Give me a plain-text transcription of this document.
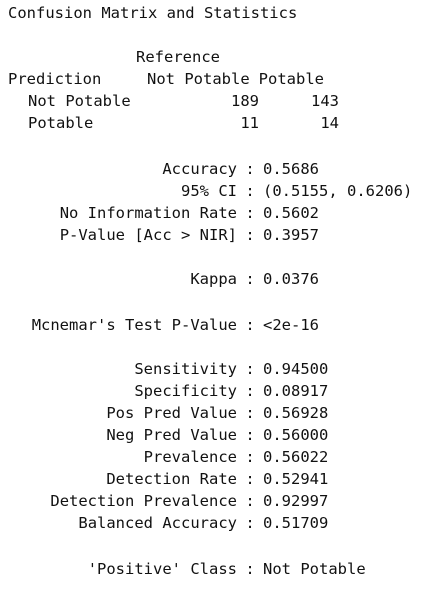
Confusion Matrix and Statistics
Reference
Prediction	Not Potable Potable
Not Potable	189	143
Potable	11	14
Accuracy : 0.5686
95% CI : (0.5155, 0.6206)
No Information Rate : 0.5602
P-Value [Acc > NIR] : 0.3957
Kappa : 0.0376
Mcnemar's Test P-Value : <2e-16
Sensitivity : 0.94500
Specificity : 0.08917
Pos Pred Value : 0.56928
Neg Pred Value : 0.56000
Prevalence : 0.56022
Detection Rate : 0.52941
Detection Prevalence : 0.92997
Balanced Accuracy : 0.51709
'Positive' Class : Not Potable
